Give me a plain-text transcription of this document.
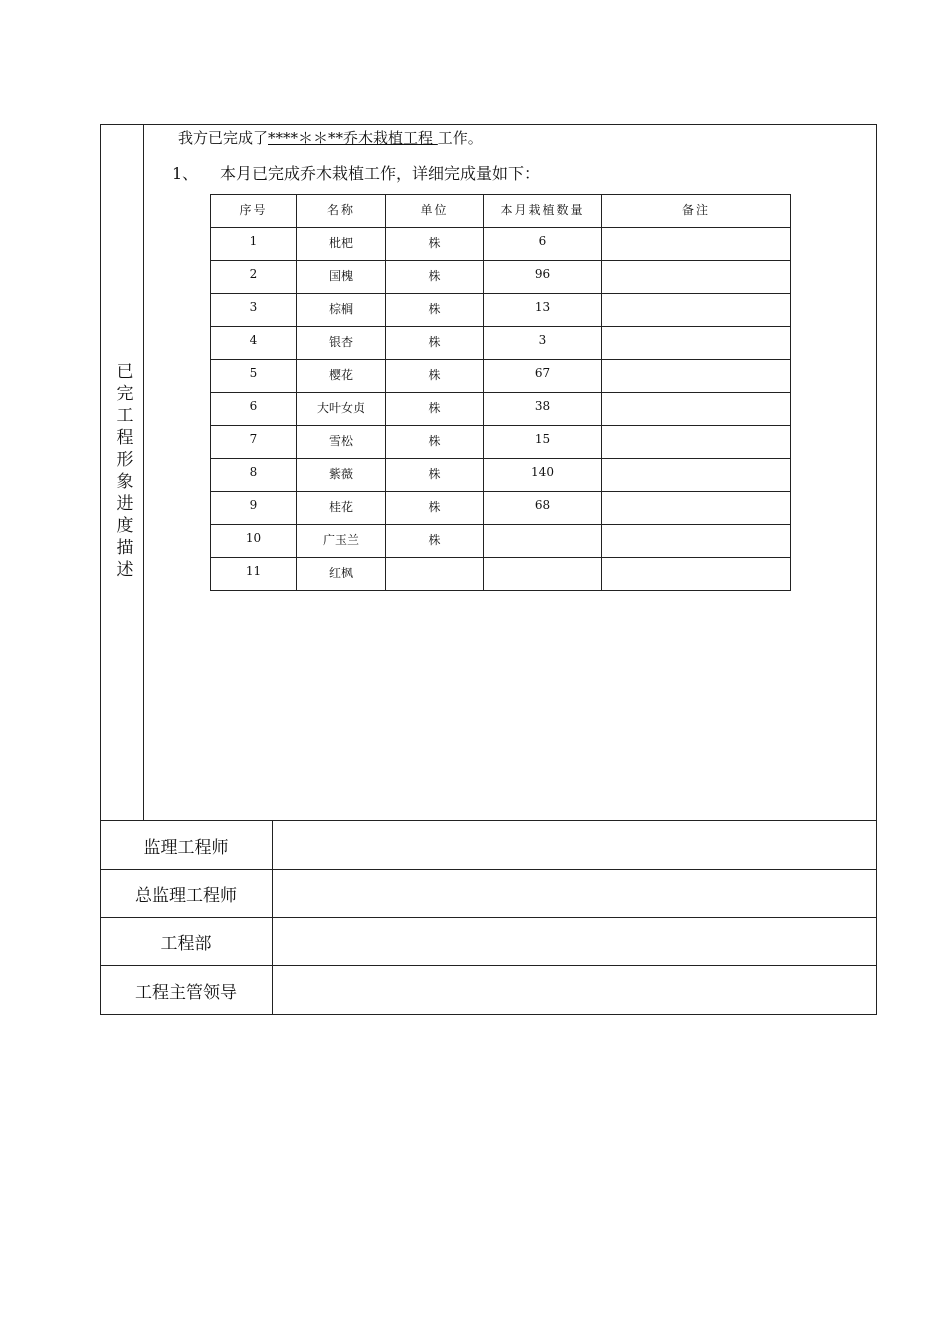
已完工程形象进度描述
我方已完成了****＊＊**乔木栽植工程 工作。
1、 本月已完成乔木栽植工作，详细完成量如下：
序号	名称	单位	本月栽植数量	备注
1	枇杷	株	6	
2	国槐	株	96	
3	棕榈	株	13	
4	银杏	株	3	
5	樱花	株	67	
6	大叶女贞	株	38	
7	雪松	株	15	
8	紫薇	株	140	
9	桂花	株	68	
10	广玉兰	株		
11	红枫			
监理工程师
总监理工程师
工程部
工程主管领导
